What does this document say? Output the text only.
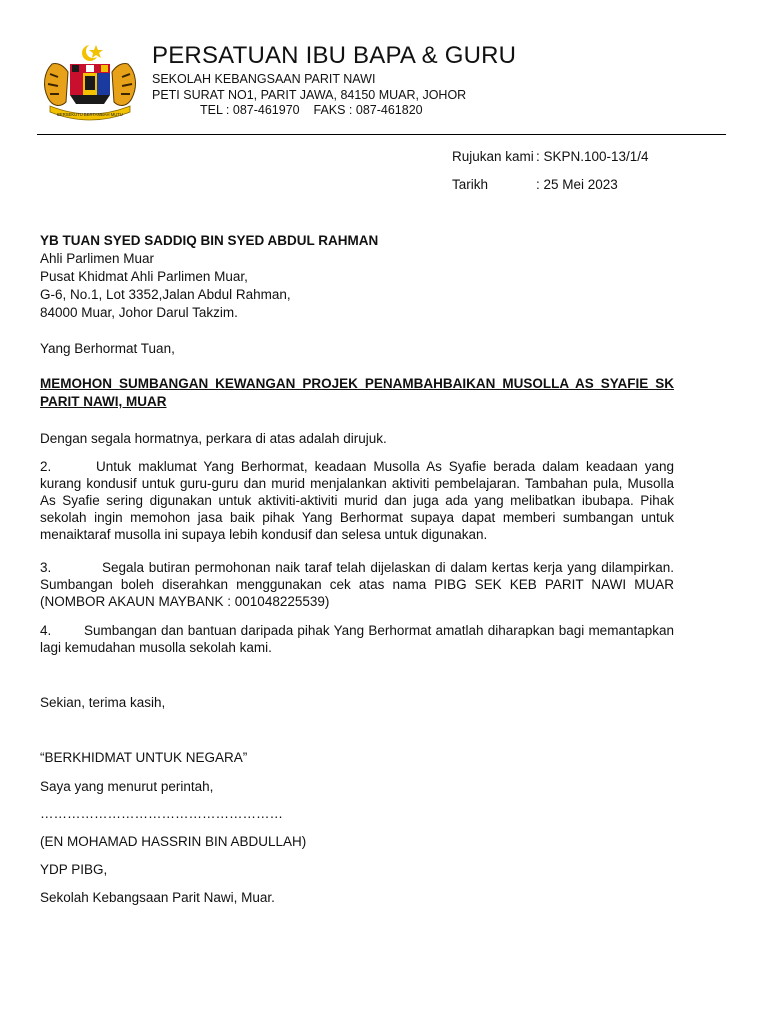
BERSEKUTU BERTAMBAH MUTU
PERSATUAN IBU BAPA & GURU
SEKOLAH KEBANGSAAN PARIT NAWI
PETI SURAT NO1, PARIT JAWA, 84150 MUAR, JOHOR
TEL : 087-461970    FAKS : 087-461820
Rujukan kami : SKPN.100-13/1/4
Tarikh	: 25 Mei 2023
YB TUAN SYED SADDIQ BIN SYED ABDUL RAHMAN
Ahli Parlimen Muar
Pusat Khidmat Ahli Parlimen Muar,
G-6, No.1, Lot 3352,Jalan Abdul Rahman,
84000 Muar, Johor Darul Takzim.
Yang Berhormat Tuan,
MEMOHON SUMBANGAN KEWANGAN PROJEK PENAMBAHBAIKAN MUSOLLA AS SYAFIE SK PARIT NAWI, MUAR
Dengan segala hormatnya, perkara di atas adalah dirujuk.
2.	Untuk maklumat Yang Berhormat, keadaan Musolla As Syafie berada dalam keadaan yang kurang kondusif untuk guru-guru dan murid menjalankan aktiviti pembelajaran. Tambahan pula, Musolla As Syafie sering digunakan untuk aktiviti-aktiviti murid dan juga ada yang melibatkan ibubapa. Pihak sekolah ingin memohon jasa baik pihak Yang Berhormat supaya dapat memberi sumbangan untuk menaiktaraf musolla ini supaya lebih kondusif dan selesa untuk digunakan.
3.	Segala butiran permohonan naik taraf telah dijelaskan di dalam kertas kerja yang dilampirkan. Sumbangan boleh diserahkan menggunakan cek atas nama PIBG SEK KEB PARIT NAWI MUAR (NOMBOR AKAUN MAYBANK : 001048225539)
4. Sumbangan dan bantuan daripada pihak Yang Berhormat amatlah diharapkan bagi memantapkan lagi kemudahan musolla sekolah kami.
Sekian, terima kasih,
“BERKHIDMAT UNTUK NEGARA”
Saya yang menurut perintah,
………………………………………………
(EN MOHAMAD HASSRIN BIN ABDULLAH)
YDP PIBG,
Sekolah Kebangsaan Parit Nawi, Muar.
